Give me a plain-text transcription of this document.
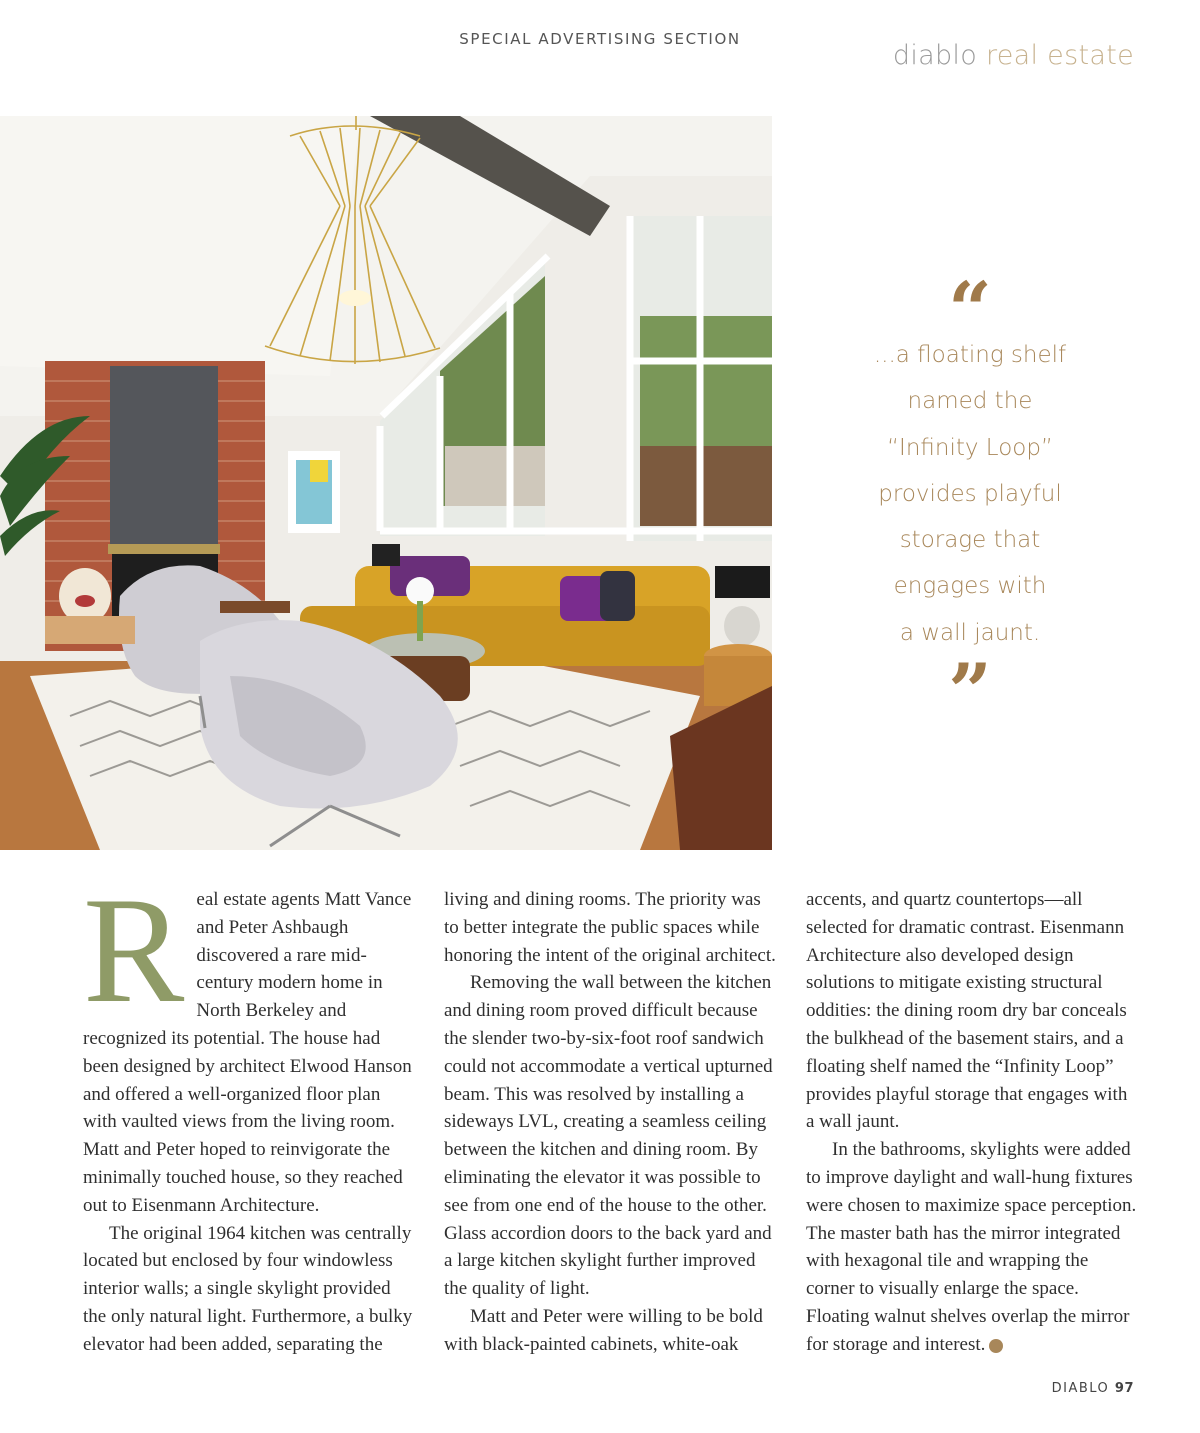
SPECIAL ADVERTISING SECTION
diablo real estate
“

...a floating shelf
named the
“Infinity Loop”
provides playful
storage that
engages with
a wall jaunt.

”
R eal estate agents Matt Vance and Peter Ashbaugh discovered a rare mid-century modern home in North Berkeley and recognized its potential. The house had been designed by architect Elwood Hanson and offered a well-organized floor plan with vaulted views from the living room. Matt and Peter hoped to reinvigorate the minimally touched house, so they reached out to Eisenmann Architecture.

The original 1964 kitchen was centrally located but enclosed by four windowless interior walls; a single skylight provided the only natural light. Furthermore, a bulky elevator had been added, separating the

living and dining rooms. The priority was to better integrate the public spaces while honoring the intent of the original architect.

Removing the wall between the kitchen and dining room proved difficult because the slender two-by-six-foot roof sandwich could not accommodate a vertical upturned beam. This was resolved by installing a sideways LVL, creating a seamless ceiling between the kitchen and dining room. By eliminating the elevator it was possible to see from one end of the house to the other. Glass accordion doors to the back yard and a large kitchen skylight further improved the quality of light.

Matt and Peter were willing to be bold with black-painted cabinets, white-oak

accents, and quartz countertops—all selected for dramatic contrast. Eisenmann Architecture also developed design solutions to mitigate existing structural oddities: the dining room dry bar conceals the bulkhead of the basement stairs, and a floating shelf named the “Infinity Loop” provides playful storage that engages with a wall jaunt.

In the bathrooms, skylights were added to improve daylight and wall-hung fixtures were chosen to maximize space perception. The master bath has the mirror integrated with hexagonal tile and wrapping the corner to visually enlarge the space. Floating walnut shelves overlap the mirror for storage and interest.	d

DIABLO 97
